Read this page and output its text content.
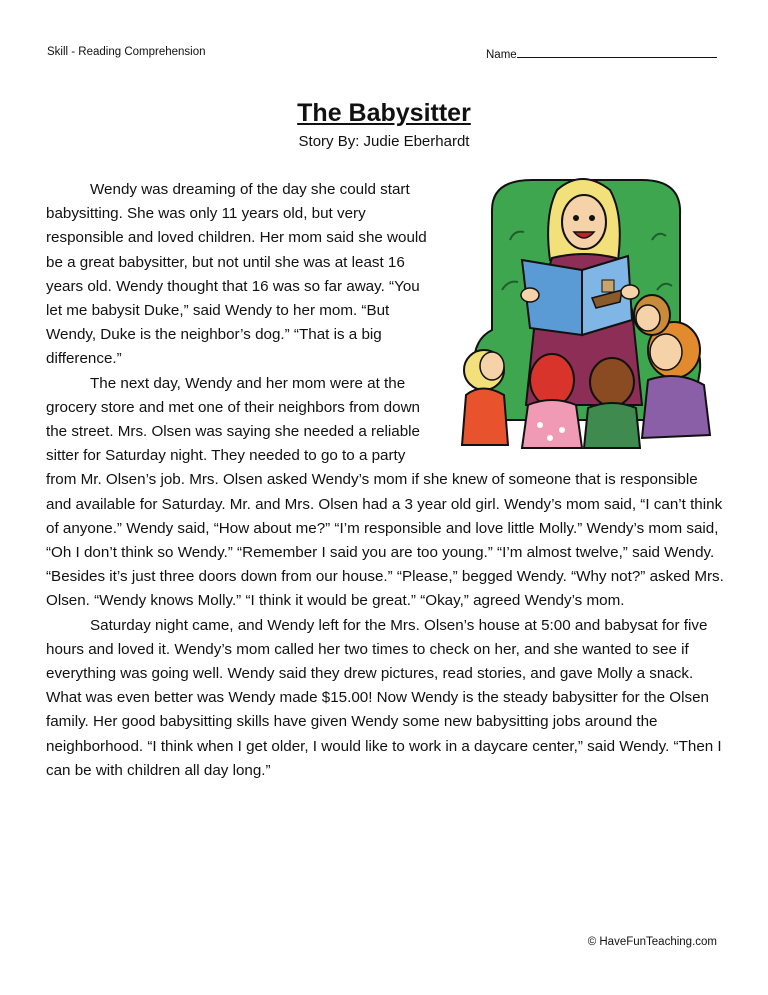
Skill - Reading Comprehension	Name
The Babysitter
Story By: Judie Eberhardt

Wendy was dreaming of the day she could start babysitting. She was only 11 years old, but very responsible and loved children. Her mom said she would be a great babysitter, but not until she was at least 16 years old. Wendy thought that 16 was so far away. “You let me babysit Duke,” said Wendy to her mom. “But Wendy, Duke is the neighbor’s dog.” “That is a big difference.”

The next day, Wendy and her mom were at the grocery store and met one of their neighbors from down the street. Mrs. Olsen was saying she needed a reliable sitter for Saturday night. They needed to go to a party from Mr. Olsen’s job. Mrs. Olsen asked Wendy’s mom if she knew of someone that is responsible and available for Saturday. Mr. and Mrs. Olsen had a 3 year old girl. Wendy’s mom said, “I can’t think of anyone.” Wendy said, “How about me?” “I’m responsible and love little Molly.” Wendy’s mom said, “Oh I don’t think so Wendy.” “Remember I said you are too young.” “I’m almost twelve,” said Wendy. “Besides it’s just three doors down from our house.” “Please,” begged Wendy. “Why not?” asked Mrs. Olsen. “Wendy knows Molly.” “I think it would be great.” “Okay,” agreed Wendy’s mom.

Saturday night came, and Wendy left for the Mrs. Olsen’s house at 5:00 and babysat for five hours and loved it. Wendy’s mom called her two times to check on her, and she wanted to see if everything was going well. Wendy said they drew pictures, read stories, and gave Molly a snack. What was even better was Wendy made $15.00! Now Wendy is the steady babysitter for the Olsen family. Her good babysitting skills have given Wendy some new babysitting jobs around the neighborhood. “I think when I get older, I would like to work in a daycare center,” said Wendy. “Then I can be with children all day long.”

© HaveFunTeaching.com
